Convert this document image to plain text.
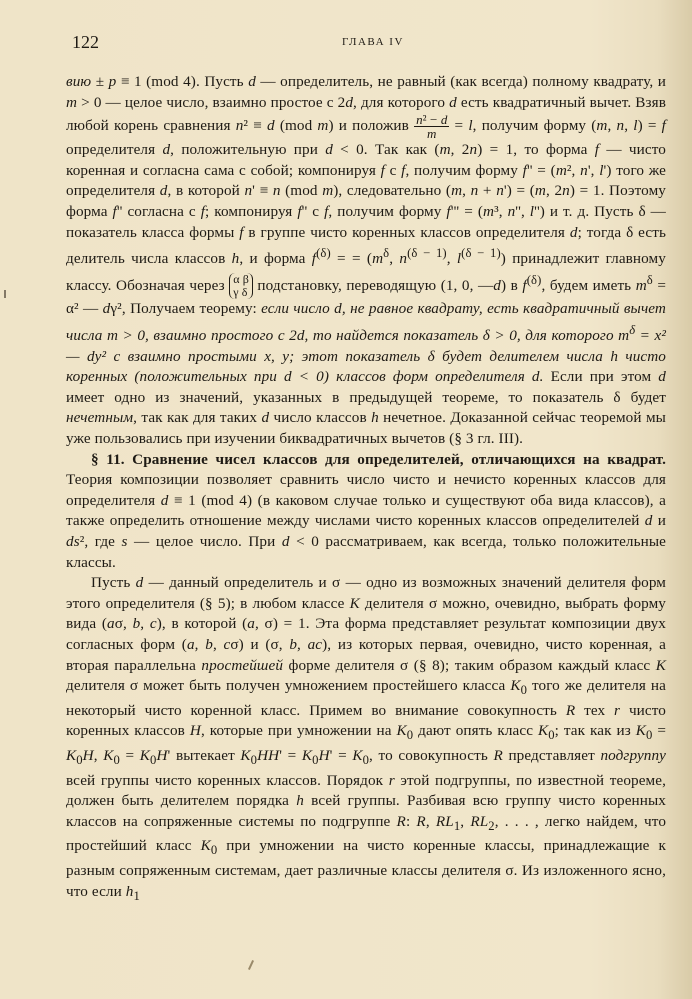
122	ГЛАВА IV

вию ± p ≡ 1 (mod 4). Пусть d — определитель, не равный (как всегда) полному квадрату, и m > 0 — целое число, взаимно простое с 2d, для которого d есть квадратичный вычет. Взяв любой корень сравнения n² ≡ d (mod m) и положив $\frac{\text{n² − d}}{m} = l$, получим форму (m, n, l) = f определителя d, положительную при d < 0. Так как (m, 2n) = 1, то форма f — чисто коренная и согласна сама с собой; компонируя f с f, получим форму f'' = (m², n', l') того же определителя d, в которой n' ≡ n (mod m), следовательно (m, n + n') = (m, 2n) = 1. Поэтому форма f'' согласна с f; компонируя f'' с f, получим форму f''' = (m³, n'', l'') и т. д. Пусть δ — показатель класса формы f в группе чисто коренных классов определителя d; тогда δ есть делитель числа классов h, и форма $f^{(\delta)}$ = = ($m^\delta$, $n^{(\delta - 1)}$, $l^{(\delta - 1)}$) принадлежит главному классу. Обозначая через α β
γ δ подстановку, переводящую (1, 0, —d) в $f^{(\delta)}$, будем иметь $m^\delta = \alpha^2$ — dγ², Получаем теорему: если число d, не равное квадрату, есть квадратичный вычет числа m > 0, взаимно простого с 2d, то найдется показатель δ > 0, для которого $m^\delta = x^2$ — dy² с взаимно простыми x, y; этот показатель δ будет делителем числа h чисто коренных (положительных при d < 0) классов форм определителя d. Если при этом d имеет одно из значений, указанных в предыдущей теореме, то показатель δ будет нечетным, так как для таких d число классов h нечетное. Доказанной сейчас теоремой мы уже пользовались при изучении биквадратичных вычетов (§ 3 гл. III).

§ 11. Сравнение чисел классов для определителей, отличающихся на квадрат. Теория композиции позволяет сравнить число чисто и нечисто коренных классов для определителя d ≡ 1 (mod 4) (в каковом случае только и существуют оба вида классов), а также определить отношение между числами чисто коренных классов определителей d и ds², где s — целое число. При d < 0 рассматриваем, как всегда, только положительные классы.

Пусть d — данный определитель и σ — одно из возможных значений делителя форм этого определителя (§ 5); в любом классе K делителя σ можно, очевидно, выбрать форму вида (aσ, b, c), в которой (a, σ) = 1. Эта форма представляет результат композиции двух согласных форм (a, b, cσ) и (σ, b, ac), из которых первая, очевидно, чисто коренная, а вторая параллельна простейшей форме делителя σ (§ 8); таким образом каждый класс K делителя σ может быть получен умножением простейшего класса $K_0$ того же делителя на некоторый чисто коренной класс. Примем во внимание совокупность R тех r чисто коренных классов H, которые при умножении на $K_0$ дают опять класс $K_0$; так как из $K_0 = K_0H$, $K_0 = K_0H'$ вытекает $K_0HH' = K_0H' = K_0$, то совокупность R представляет подгруппу всей группы чисто коренных классов. Порядок r этой подгруппы, по известной теореме, должен быть делителем порядка h всей группы. Разбивая всю группу чисто коренных классов на сопряженные системы по подгруппе R: R, $RL_1$, $RL_2$, . . . , легко найдем, что простейший класс $K_0$ при умножении на чисто коренные классы, принадлежащие к разным сопряженным системам, дает различные классы делителя σ. Из изложенного ясно, что если $h_1$
